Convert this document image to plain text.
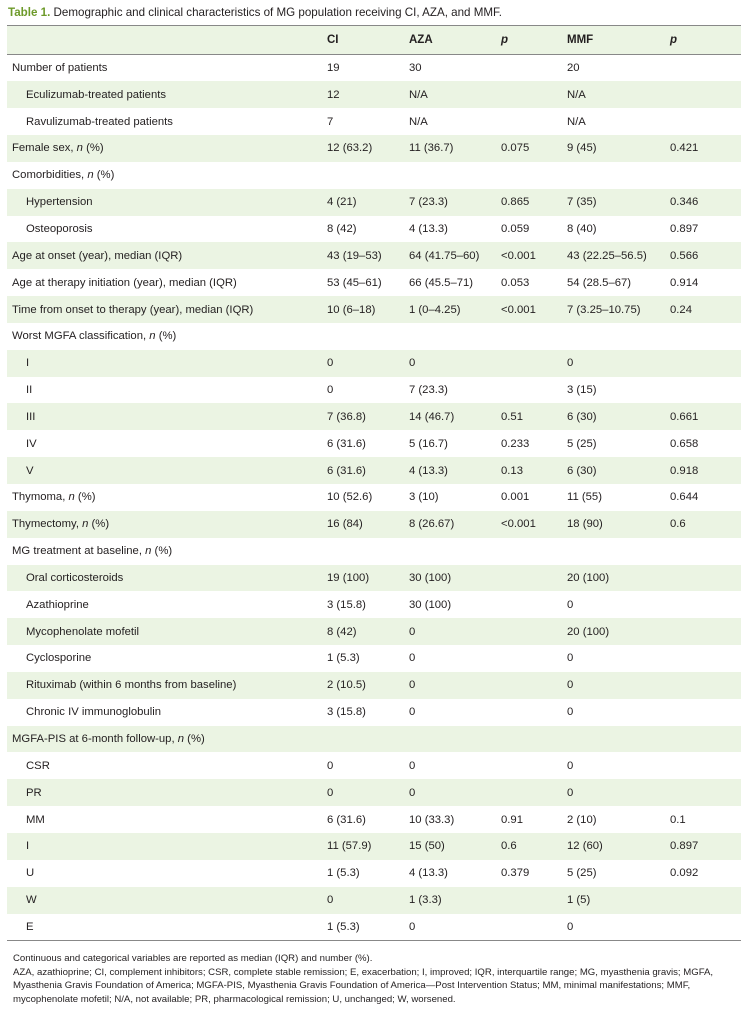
Table 1. Demographic and clinical characteristics of MG population receiving CI, AZA, and MMF.
	CI	AZA	p	MMF	p
Number of patients	19	30		20	
Eculizumab-treated patients	12	N/A		N/A	
Ravulizumab-treated patients	7	N/A		N/A	
Female sex, n (%)	12 (63.2)	11 (36.7)	0.075	9 (45)	0.421
Comorbidities, n (%)					
Hypertension	4 (21)	7 (23.3)	0.865	7 (35)	0.346
Osteoporosis	8 (42)	4 (13.3)	0.059	8 (40)	0.897
Age at onset (year), median (IQR)	43 (19–53)	64 (41.75–60)	<0.001	43 (22.25–56.5)	0.566
Age at therapy initiation (year), median (IQR)	53 (45–61)	66 (45.5–71)	0.053	54 (28.5–67)	0.914
Time from onset to therapy (year), median (IQR)	10 (6–18)	1 (0–4.25)	<0.001	7 (3.25–10.75)	0.24
Worst MGFA classification, n (%)					
I	0	0		0	
II	0	7 (23.3)		3 (15)	
III	7 (36.8)	14 (46.7)	0.51	6 (30)	0.661
IV	6 (31.6)	5 (16.7)	0.233	5 (25)	0.658
V	6 (31.6)	4 (13.3)	0.13	6 (30)	0.918
Thymoma, n (%)	10 (52.6)	3 (10)	0.001	11 (55)	0.644
Thymectomy, n (%)	16 (84)	8 (26.67)	<0.001	18 (90)	0.6
MG treatment at baseline, n (%)					
Oral corticosteroids	19 (100)	30 (100)		20 (100)	
Azathioprine	3 (15.8)	30 (100)		0	
Mycophenolate mofetil	8 (42)	0		20 (100)	
Cyclosporine	1 (5.3)	0		0	
Rituximab (within 6 months from baseline)	2 (10.5)	0		0	
Chronic IV immunoglobulin	3 (15.8)	0		0	
MGFA-PIS at 6-month follow-up, n (%)					
CSR	0	0		0	
PR	0	0		0	
MM	6 (31.6)	10 (33.3)	0.91	2 (10)	0.1
I	11 (57.9)	15 (50)	0.6	12 (60)	0.897
U	1 (5.3)	4 (13.3)	0.379	5 (25)	0.092
W	0	1 (3.3)		1 (5)	
E	1 (5.3)	0		0	

Continuous and categorical variables are reported as median (IQR) and number (%).

AZA, azathioprine; CI, complement inhibitors; CSR, complete stable remission; E, exacerbation; I, improved; IQR, interquartile range; MG, myasthenia gravis; MGFA, Myasthenia Gravis Foundation of America; MGFA-PIS, Myasthenia Gravis Foundation of America—Post Intervention Status; MM, minimal manifestations; MMF, mycophenolate mofetil; N/A, not available; PR, pharmacological remission; U, unchanged; W, worsened.
